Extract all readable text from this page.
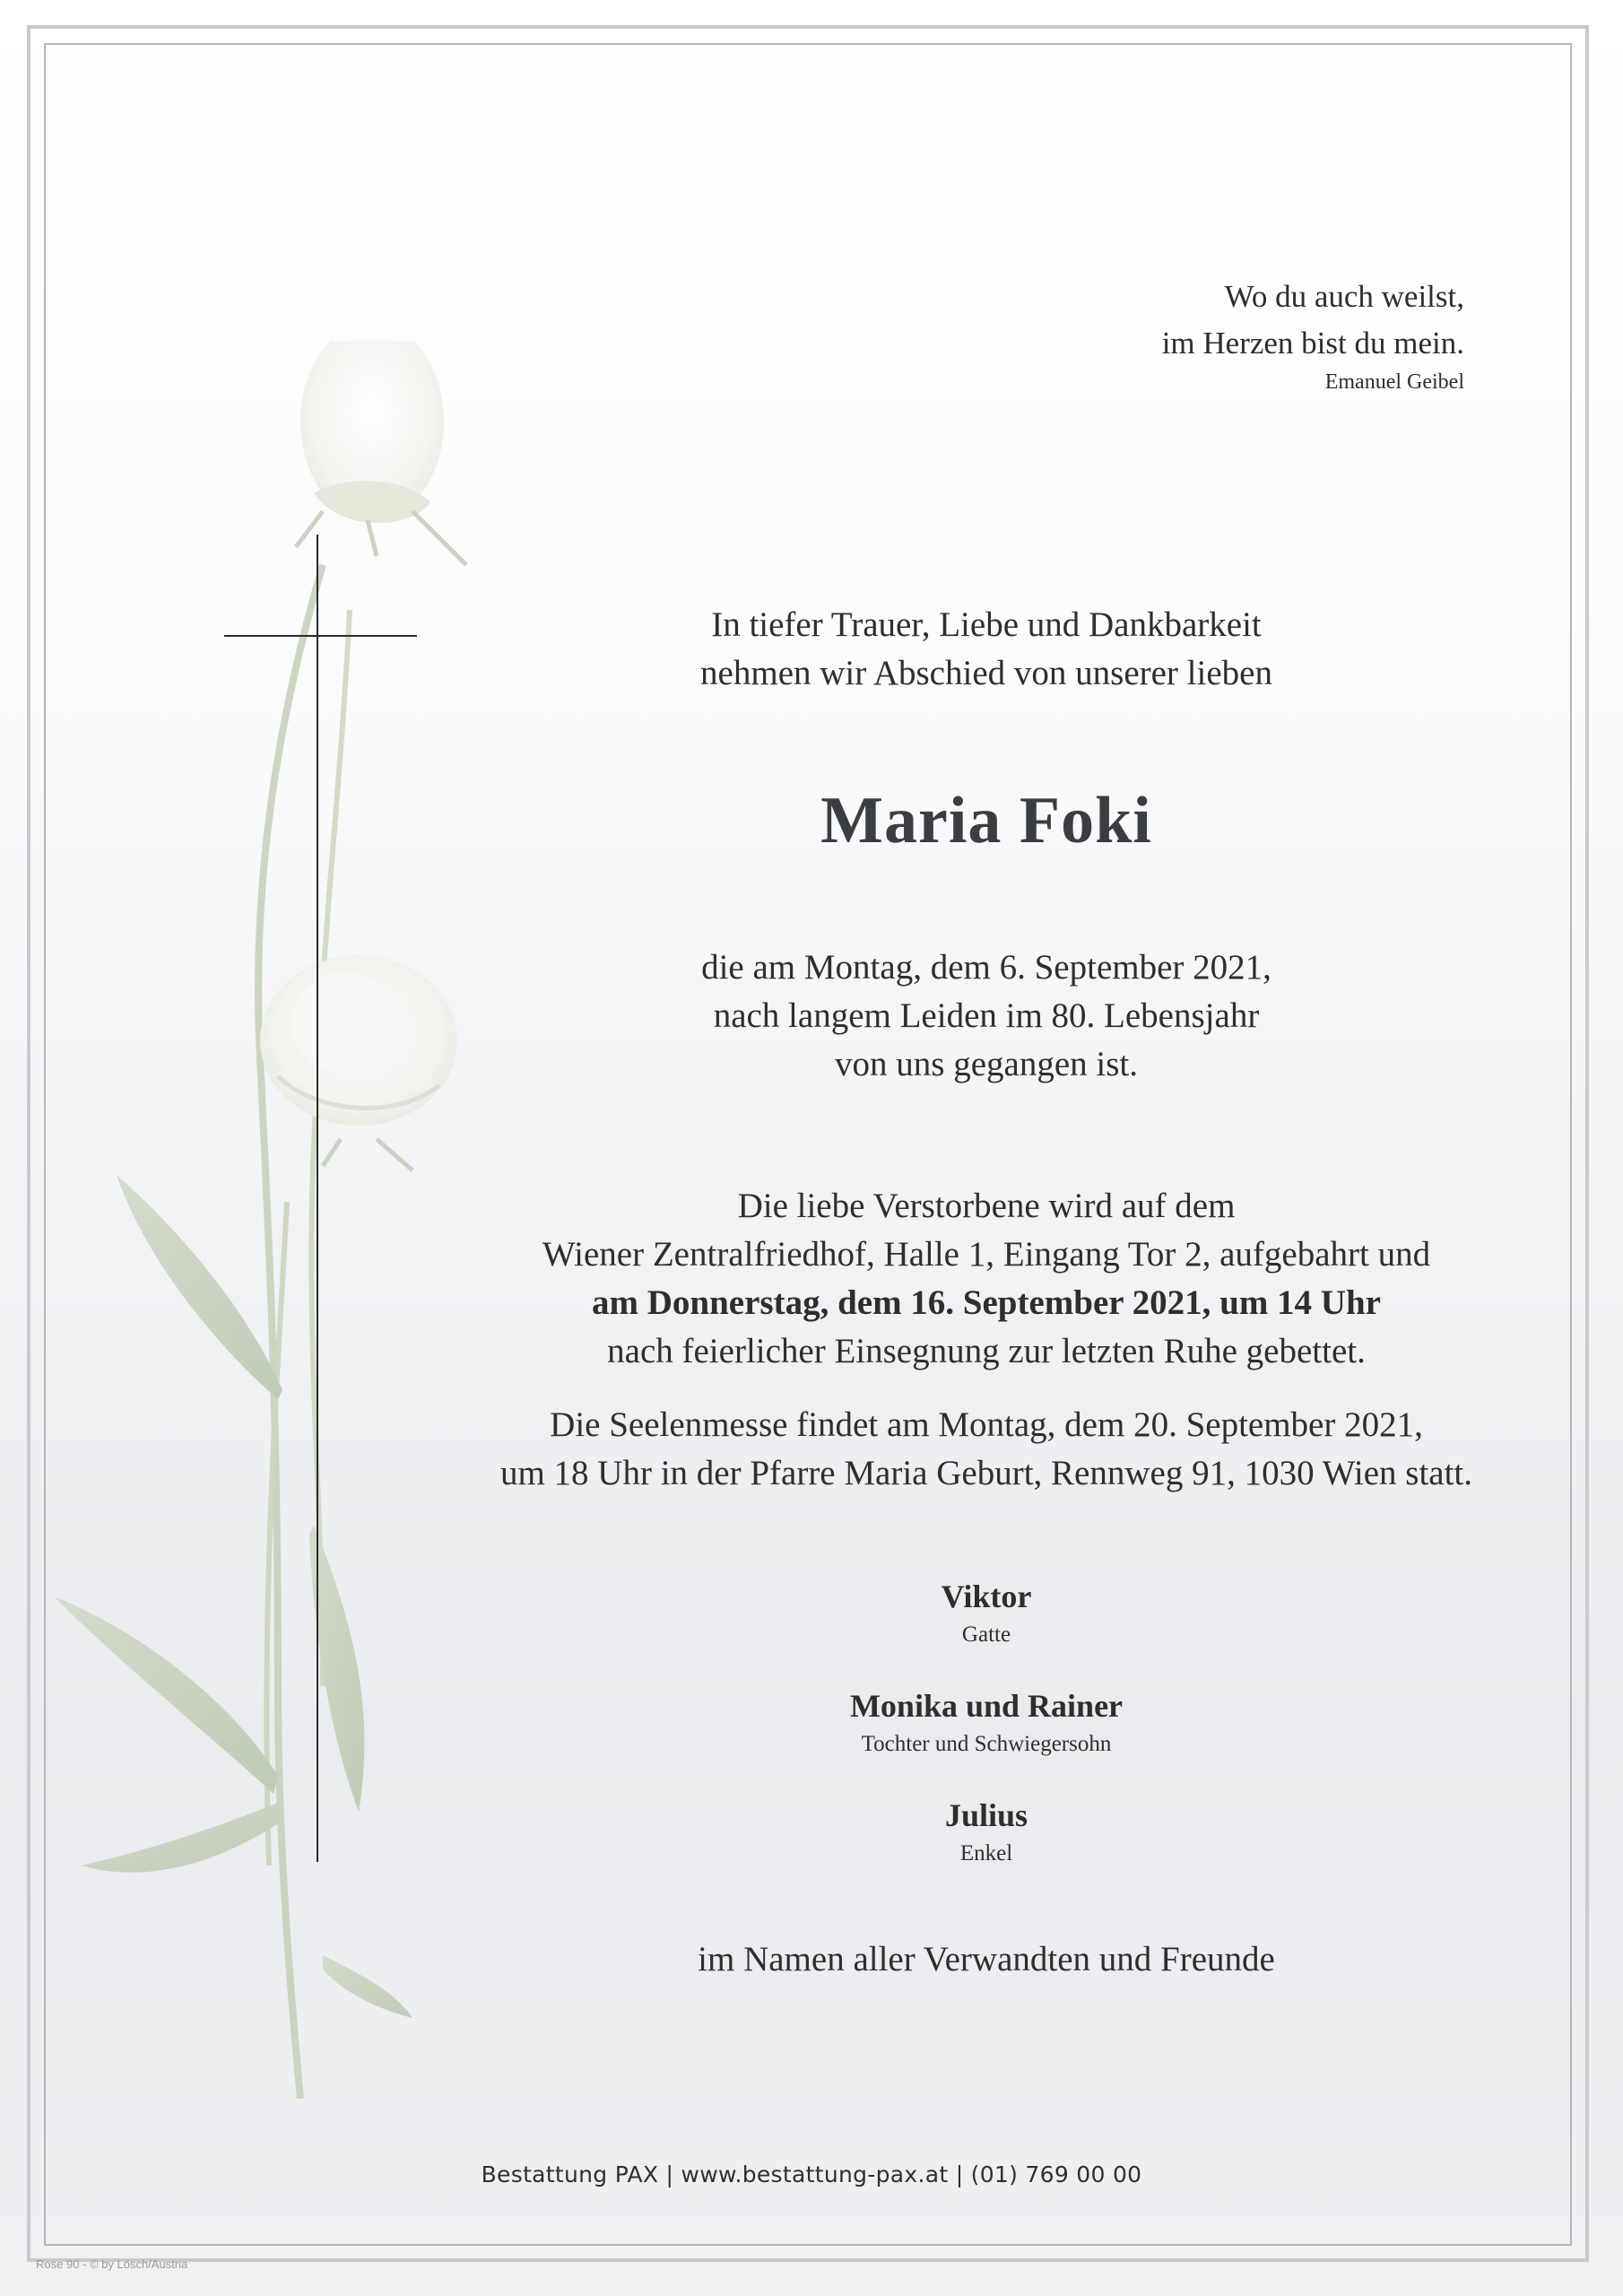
Wo du auch weilst,
im Herzen bist du mein.
Emanuel Geibel
In tiefer Trauer, Liebe und Dankbarkeit
nehmen wir Abschied von unserer lieben
Maria Foki
die am Montag, dem 6. September 2021,
nach langem Leiden im 80. Lebensjahr
von uns gegangen ist.
Die liebe Verstorbene wird auf dem
Wiener Zentralfriedhof, Halle 1, Eingang Tor 2, aufgebahrt und
am Donnerstag, dem 16. September 2021, um 14 Uhr
nach feierlicher Einsegnung zur letzten Ruhe gebettet.
Die Seelenmesse findet am Montag, dem 20. September 2021,
um 18 Uhr in der Pfarre Maria Geburt, Rennweg 91, 1030 Wien statt.
Viktor
Gatte
Monika und Rainer
Tochter und Schwiegersohn
Julius
Enkel
im Namen aller Verwandten und Freunde
Bestattung PAX | www.bestattung-pax.at | (01) 769 00 00
Rose 90 - © by Lösch/Austria
